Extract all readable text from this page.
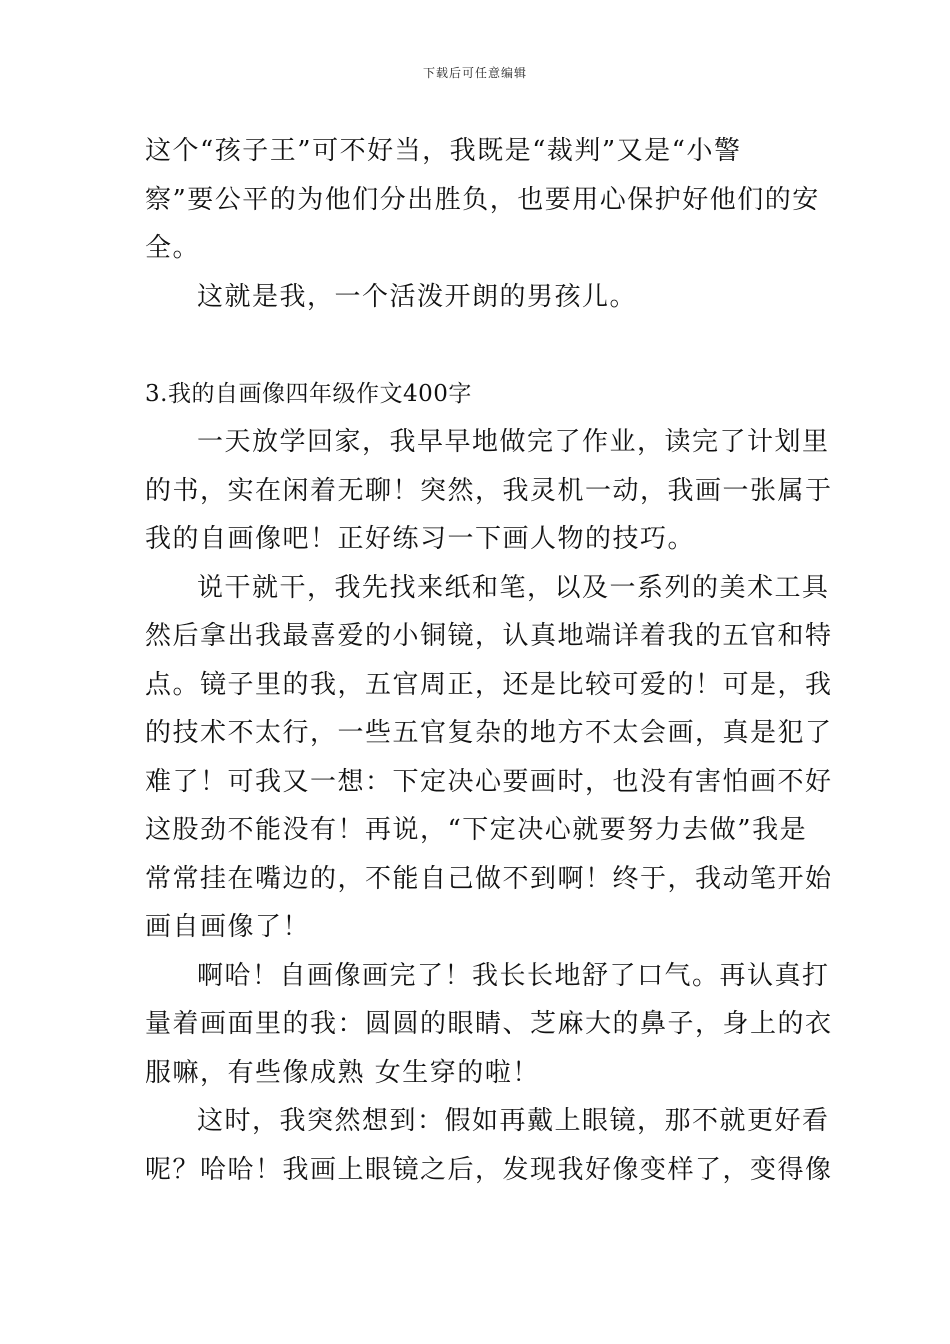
下载后可任意编辑
这个“孩子王”可不好当，我既是“裁判”又是“小警
察”要公平的为他们分出胜负，也要用心保护好他们的安
全。
这就是我，一个活泼开朗的男孩儿。
3.我的自画像四年级作文400字
一天放学回家，我早早地做完了作业，读完了计划里
的书，实在闲着无聊！突然，我灵机一动，我画一张属于
我的自画像吧！正好练习一下画人物的技巧。
说干就干，我先找来纸和笔，以及一系列的美术工具
然后拿出我最喜爱的小铜镜，认真地端详着我的五官和特
点。镜子里的我，五官周正，还是比较可爱的！可是，我
的技术不太行，一些五官复杂的地方不太会画，真是犯了
难了！可我又一想：下定决心要画时，也没有害怕画不好
这股劲不能没有！再说，“下定决心就要努力去做”我是
常常挂在嘴边的，不能自己做不到啊！终于，我动笔开始
画自画像了！
啊哈！自画像画完了！我长长地舒了口气。再认真打
量着画面里的我：圆圆的眼睛、芝麻大的鼻子，身上的衣
服嘛，有些像成熟 女生穿的啦！
这时，我突然想到：假如再戴上眼镜，那不就更好看
呢？哈哈！我画上眼镜之后，发现我好像变样了，变得像
